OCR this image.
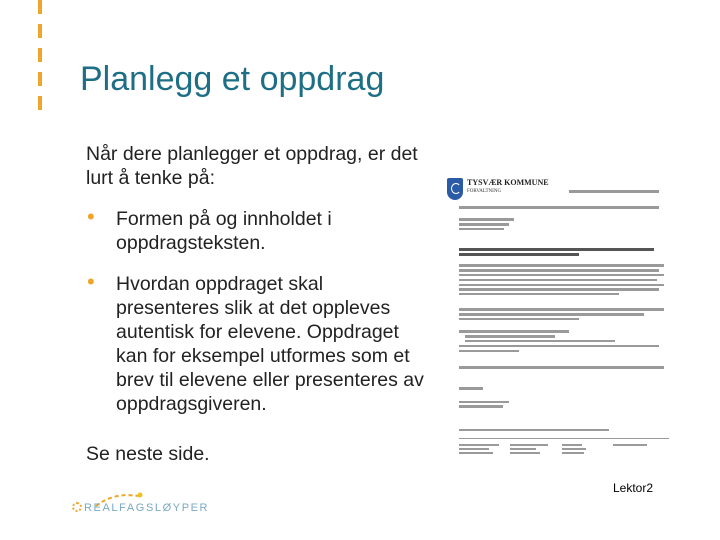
Planlegg et oppdrag

Når dere planlegger et oppdrag, er det lurt å tenke på:

• Formen på og innholdet i oppdragsteksten.
• Hvordan oppdraget skal presenteres slik at det oppleves autentisk for elevene. Oppdraget kan for eksempel utformes som et brev til elevene eller presenteres av oppdragsgiveren.
Se neste side.
TYSVÆR KOMMUNE
FORVALTNING

REALFAGSLØYPER
Lektor2
